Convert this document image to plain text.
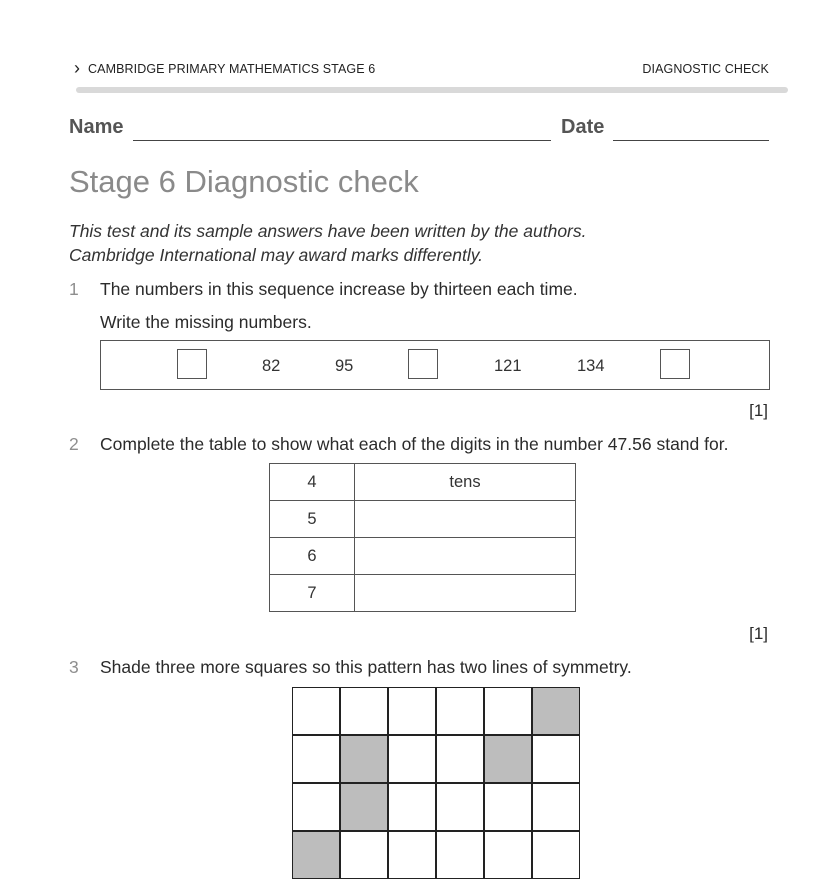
› CAMBRIDGE PRIMARY MATHEMATICS STAGE 6	DIAGNOSTIC CHECK
Name	Date
Stage 6 Diagnostic check
This test and its sample answers have been written by the authors.
Cambridge International may award marks differently.
1 The numbers in this sequence increase by thirteen each time.
Write the missing numbers.
82	95	121	134
[1]
2 Complete the table to show what each of the digits in the number 47.56 stand for.
4	tens
5	
6	
7	
[1]
3 Shade three more squares so this pattern has two lines of symmetry.
